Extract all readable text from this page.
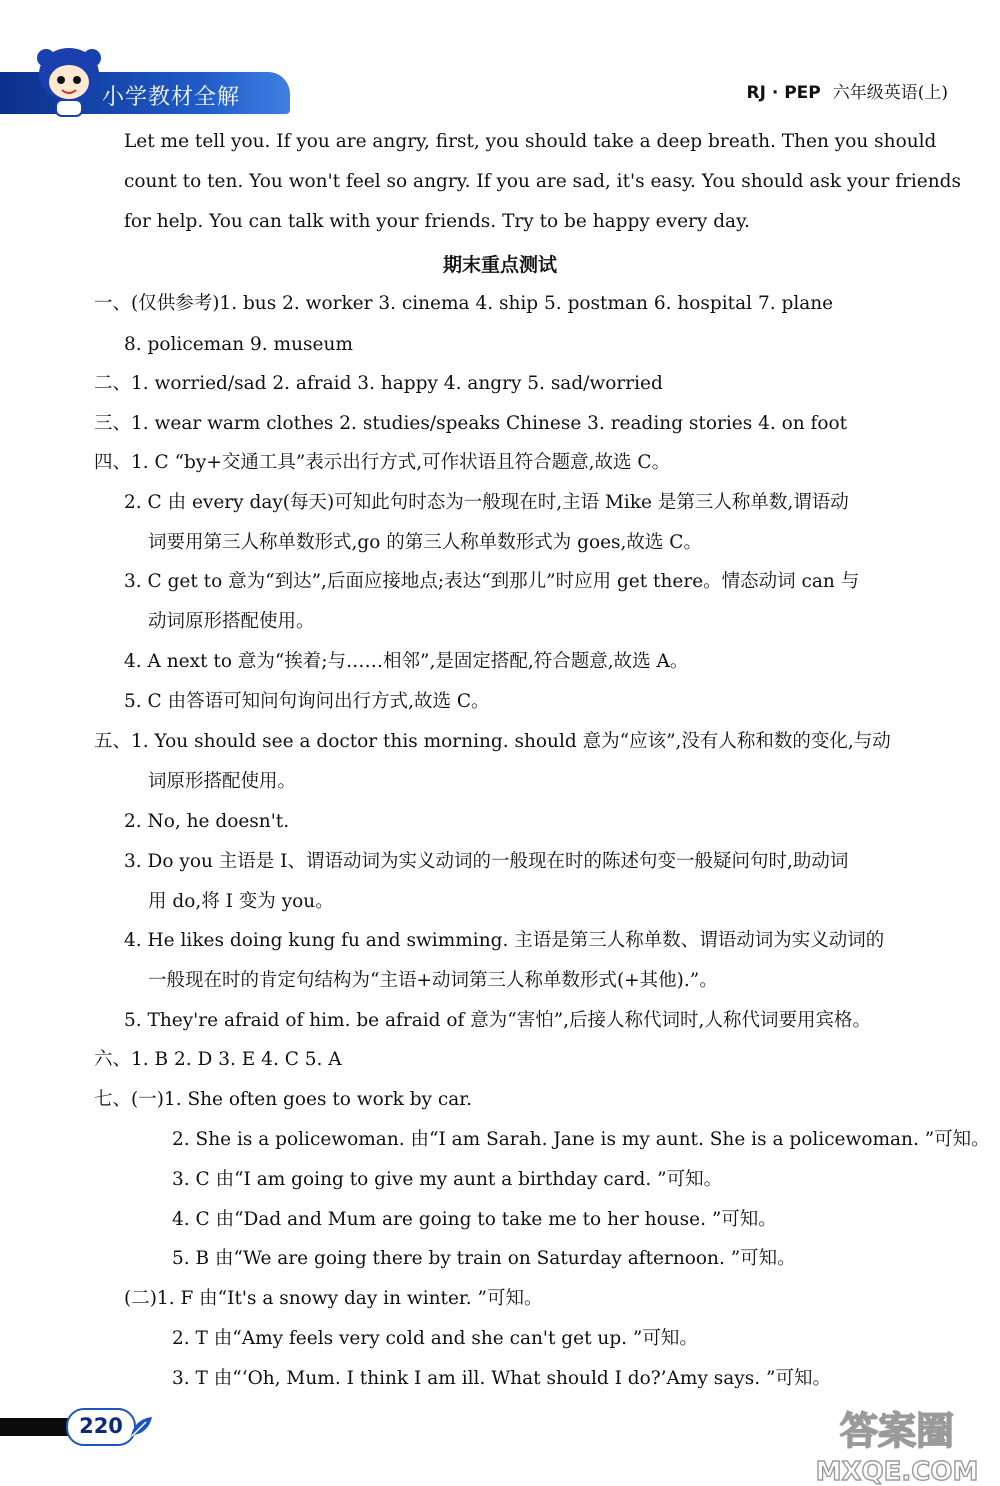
小学教材全解	RJ · PEP 六年级英语(上)
Let me tell you. If you are angry, first, you should take a deep breath. Then you should
count to ten. You won't feel so angry. If you are sad, it's easy. You should ask your friends
for help. You can talk with your friends. Try to be happy every day.
期末重点测试
一、(仅供参考)1. bus 2. worker 3. cinema 4. ship 5. postman 6. hospital 7. plane
8. policeman 9. museum
二、1. worried/sad 2. afraid 3. happy 4. angry 5. sad/worried
三、1. wear warm clothes 2. studies/speaks Chinese 3. reading stories 4. on foot
四、1. C “by+交通工具”表示出行方式,可作状语且符合题意,故选 C。
2. C 由 every day(每天)可知此句时态为一般现在时,主语 Mike 是第三人称单数,谓语动
词要用第三人称单数形式,go 的第三人称单数形式为 goes,故选 C。
3. C get to 意为“到达”,后面应接地点;表达“到那儿”时应用 get there。情态动词 can 与
动词原形搭配使用。
4. A next to 意为“挨着;与……相邻”,是固定搭配,符合题意,故选 A。
5. C 由答语可知问句询问出行方式,故选 C。
五、1. You should see a doctor this morning. should 意为“应该”,没有人称和数的变化,与动
词原形搭配使用。
2. No, he doesn't.
3. Do you 主语是 I、谓语动词为实义动词的一般现在时的陈述句变一般疑问句时,助动词
用 do,将 I 变为 you。
4. He likes doing kung fu and swimming. 主语是第三人称单数、谓语动词为实义动词的
一般现在时的肯定句结构为“主语+动词第三人称单数形式(+其他).”。
5. They're afraid of him. be afraid of 意为“害怕”,后接人称代词时,人称代词要用宾格。
六、1. B 2. D 3. E 4. C 5. A
七、(一)1. She often goes to work by car.
2. She is a policewoman. 由“I am Sarah. Jane is my aunt. She is a policewoman. ”可知。
3. C 由“I am going to give my aunt a birthday card. ”可知。
4. C 由“Dad and Mum are going to take me to her house. ”可知。
5. B 由“We are going there by train on Saturday afternoon. ”可知。
(二)1. F 由“It's a snowy day in winter. ”可知。
2. T 由“Amy feels very cold and she can't get up. ”可知。
3. T 由“‘Oh, Mum. I think I am ill. What should I do?’Amy says. ”可知。
220	答案圈
MXQE.COM
